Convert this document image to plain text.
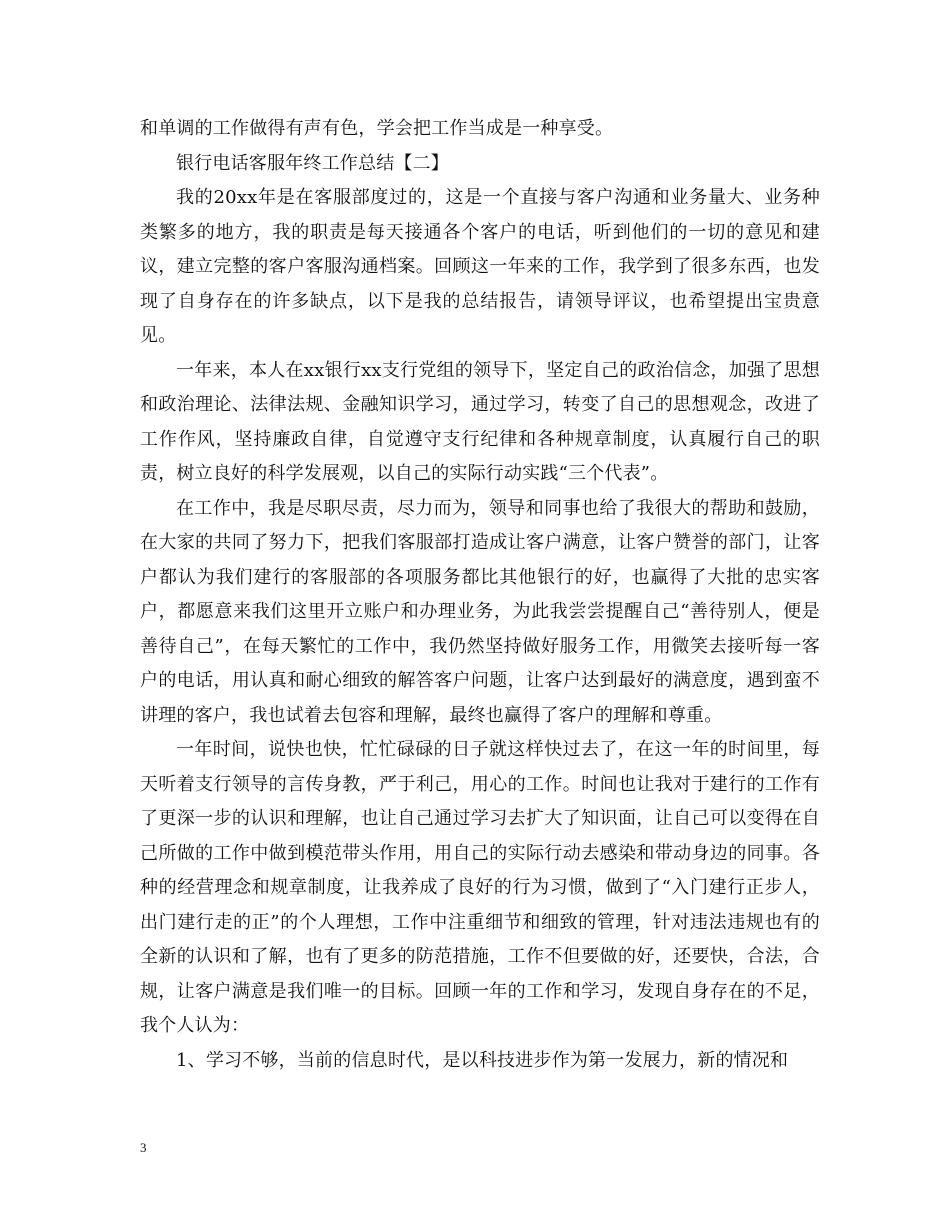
和单调的工作做得有声有色，学会把工作当成是一种享受。

银行电话客服年终工作总结【二】

我的20xx年是在客服部度过的，这是一个直接与客户沟通和业务量大、业务种类繁多的地方，我的职责是每天接通各个客户的电话，听到他们的一切的意见和建议，建立完整的客户客服沟通档案。回顾这一年来的工作，我学到了很多东西，也发现了自身存在的许多缺点，以下是我的总结报告，请领导评议，也希望提出宝贵意见。

一年来，本人在xx银行xx支行党组的领导下，坚定自己的政治信念，加强了思想和政治理论、法律法规、金融知识学习，通过学习，转变了自己的思想观念，改进了工作作风，坚持廉政自律，自觉遵守支行纪律和各种规章制度，认真履行自己的职责，树立良好的科学发展观，以自己的实际行动实践“三个代表”。

在工作中，我是尽职尽责，尽力而为，领导和同事也给了我很大的帮助和鼓励，在大家的共同了努力下，把我们客服部打造成让客户满意，让客户赞誉的部门，让客户都认为我们建行的客服部的各项服务都比其他银行的好，也赢得了大批的忠实客户，都愿意来我们这里开立账户和办理业务，为此我尝尝提醒自己“善待别人，便是善待自己”，在每天繁忙的工作中，我仍然坚持做好服务工作，用微笑去接听每一客户的电话，用认真和耐心细致的解答客户问题，让客户达到最好的满意度，遇到蛮不讲理的客户，我也试着去包容和理解，最终也赢得了客户的理解和尊重。

一年时间，说快也快，忙忙碌碌的日子就这样快过去了，在这一年的时间里，每天听着支行领导的言传身教，严于利己，用心的工作。时间也让我对于建行的工作有了更深一步的认识和理解，也让自己通过学习去扩大了知识面，让自己可以变得在自己所做的工作中做到模范带头作用，用自己的实际行动去感染和带动身边的同事。各种的经营理念和规章制度，让我养成了良好的行为习惯，做到了“入门建行正步人，出门建行走的正”的个人理想，工作中注重细节和细致的管理，针对违法违规也有的全新的认识和了解，也有了更多的防范措施，工作不但要做的好，还要快，合法，合规，让客户满意是我们唯一的目标。回顾一年的工作和学习，发现自身存在的不足，我个人认为：

1、学习不够，当前的信息时代，是以科技进步作为第一发展力，新的情况和

3
